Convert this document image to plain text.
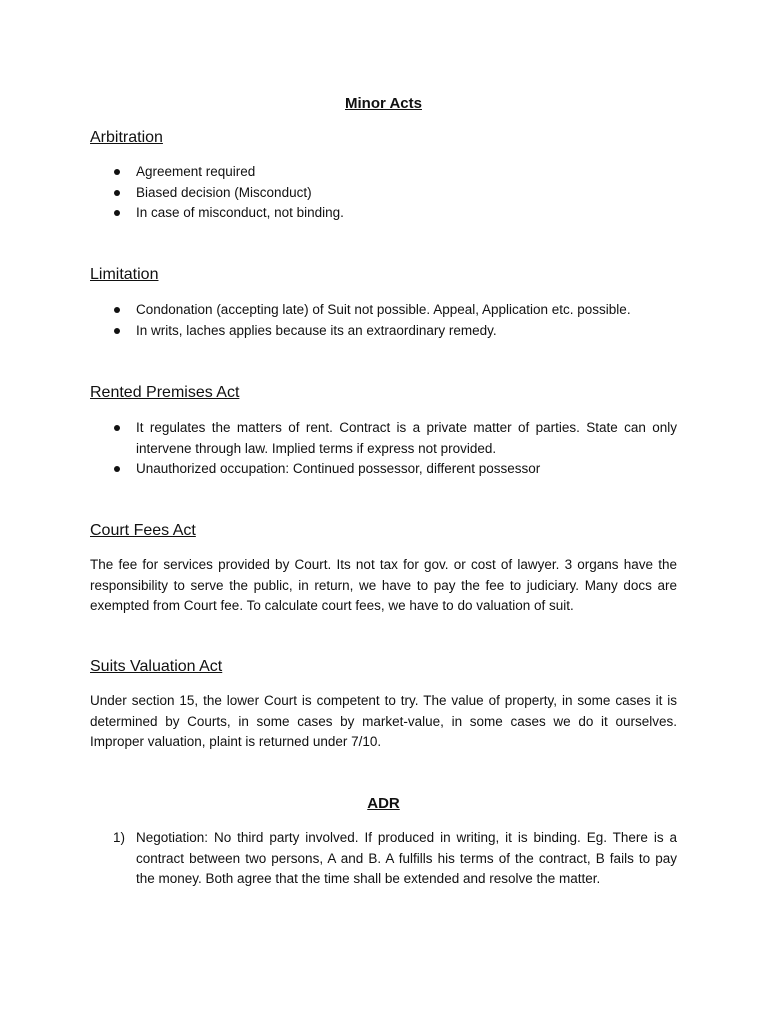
Minor Acts
Arbitration
Agreement required
Biased decision (Misconduct)
In case of misconduct, not binding.
Limitation
Condonation (accepting late) of Suit not possible. Appeal, Application etc. possible.
In writs, laches applies because its an extraordinary remedy.
Rented Premises Act
It regulates the matters of rent. Contract is a private matter of parties. State can only intervene through law. Implied terms if express not provided.
Unauthorized occupation: Continued possessor, different possessor
Court Fees Act

The fee for services provided by Court. Its not tax for gov. or cost of lawyer. 3 organs have the responsibility to serve the public, in return, we have to pay the fee to judiciary. Many docs are exempted from Court fee. To calculate court fees, we have to do valuation of suit.

Suits Valuation Act

Under section 15, the lower Court is competent to try. The value of property, in some cases it is determined by Courts, in some cases by market-value, in some cases we do it ourselves. Improper valuation, plaint is returned under 7/10.

ADR
1) Negotiation: No third party involved. If produced in writing, it is binding. Eg. There is a contract between two persons, A and B. A fulfills his terms of the contract, B fails to pay the money. Both agree that the time shall be extended and resolve the matter.
